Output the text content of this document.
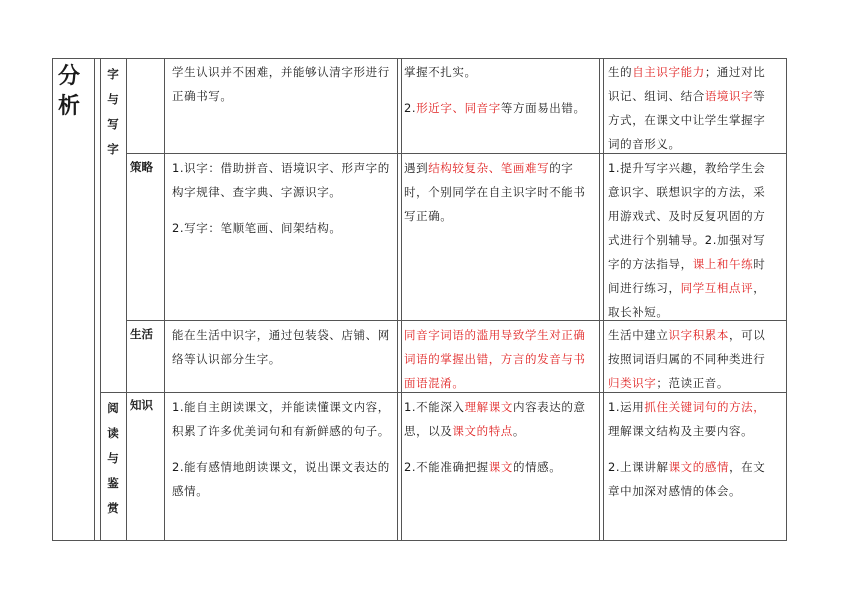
分
析
字
与
写
字
阅
读
与
鉴
赏
策略
生活
知识

学生认识并不困难，并能够认清字形进行正确书写。

掌握不扎实。

2.形近字、同音字等方面易出错。

生的自主识字能力；通过对比识记、组词、结合语境识字等方式，在课文中让学生掌握字词的音形义。

1.识字：借助拼音、语境识字、形声字的构字规律、查字典、字源识字。

2.写字：笔顺笔画、间架结构。

遇到结构较复杂、笔画难写的字时，个别同学在自主识字时不能书写正确。

1.提升写字兴趣，教给学生会意识字、联想识字的方法，采用游戏式、及时反复巩固的方式进行个别辅导。2.加强对写字的方法指导，课上和午练时间进行练习，同学互相点评，取长补短。

能在生活中识字，通过包装袋、店铺、网络等认识部分生字。

同音字词语的滥用导致学生对正确词语的掌握出错，方言的发音与书面语混淆。

生活中建立识字积累本，可以按照词语归属的不同种类进行归类识字；范读正音。

1.能自主朗读课文，并能读懂课文内容，积累了许多优美词句和有新鲜感的句子。

2.能有感情地朗读课文，说出课文表达的感情。

1.不能深入理解课文内容表达的意思，以及课文的特点。

2.不能准确把握课文的情感。

1.运用抓住关键词句的方法，理解课文结构及主要内容。

2.上课讲解课文的感情，在文章中加深对感情的体会。
